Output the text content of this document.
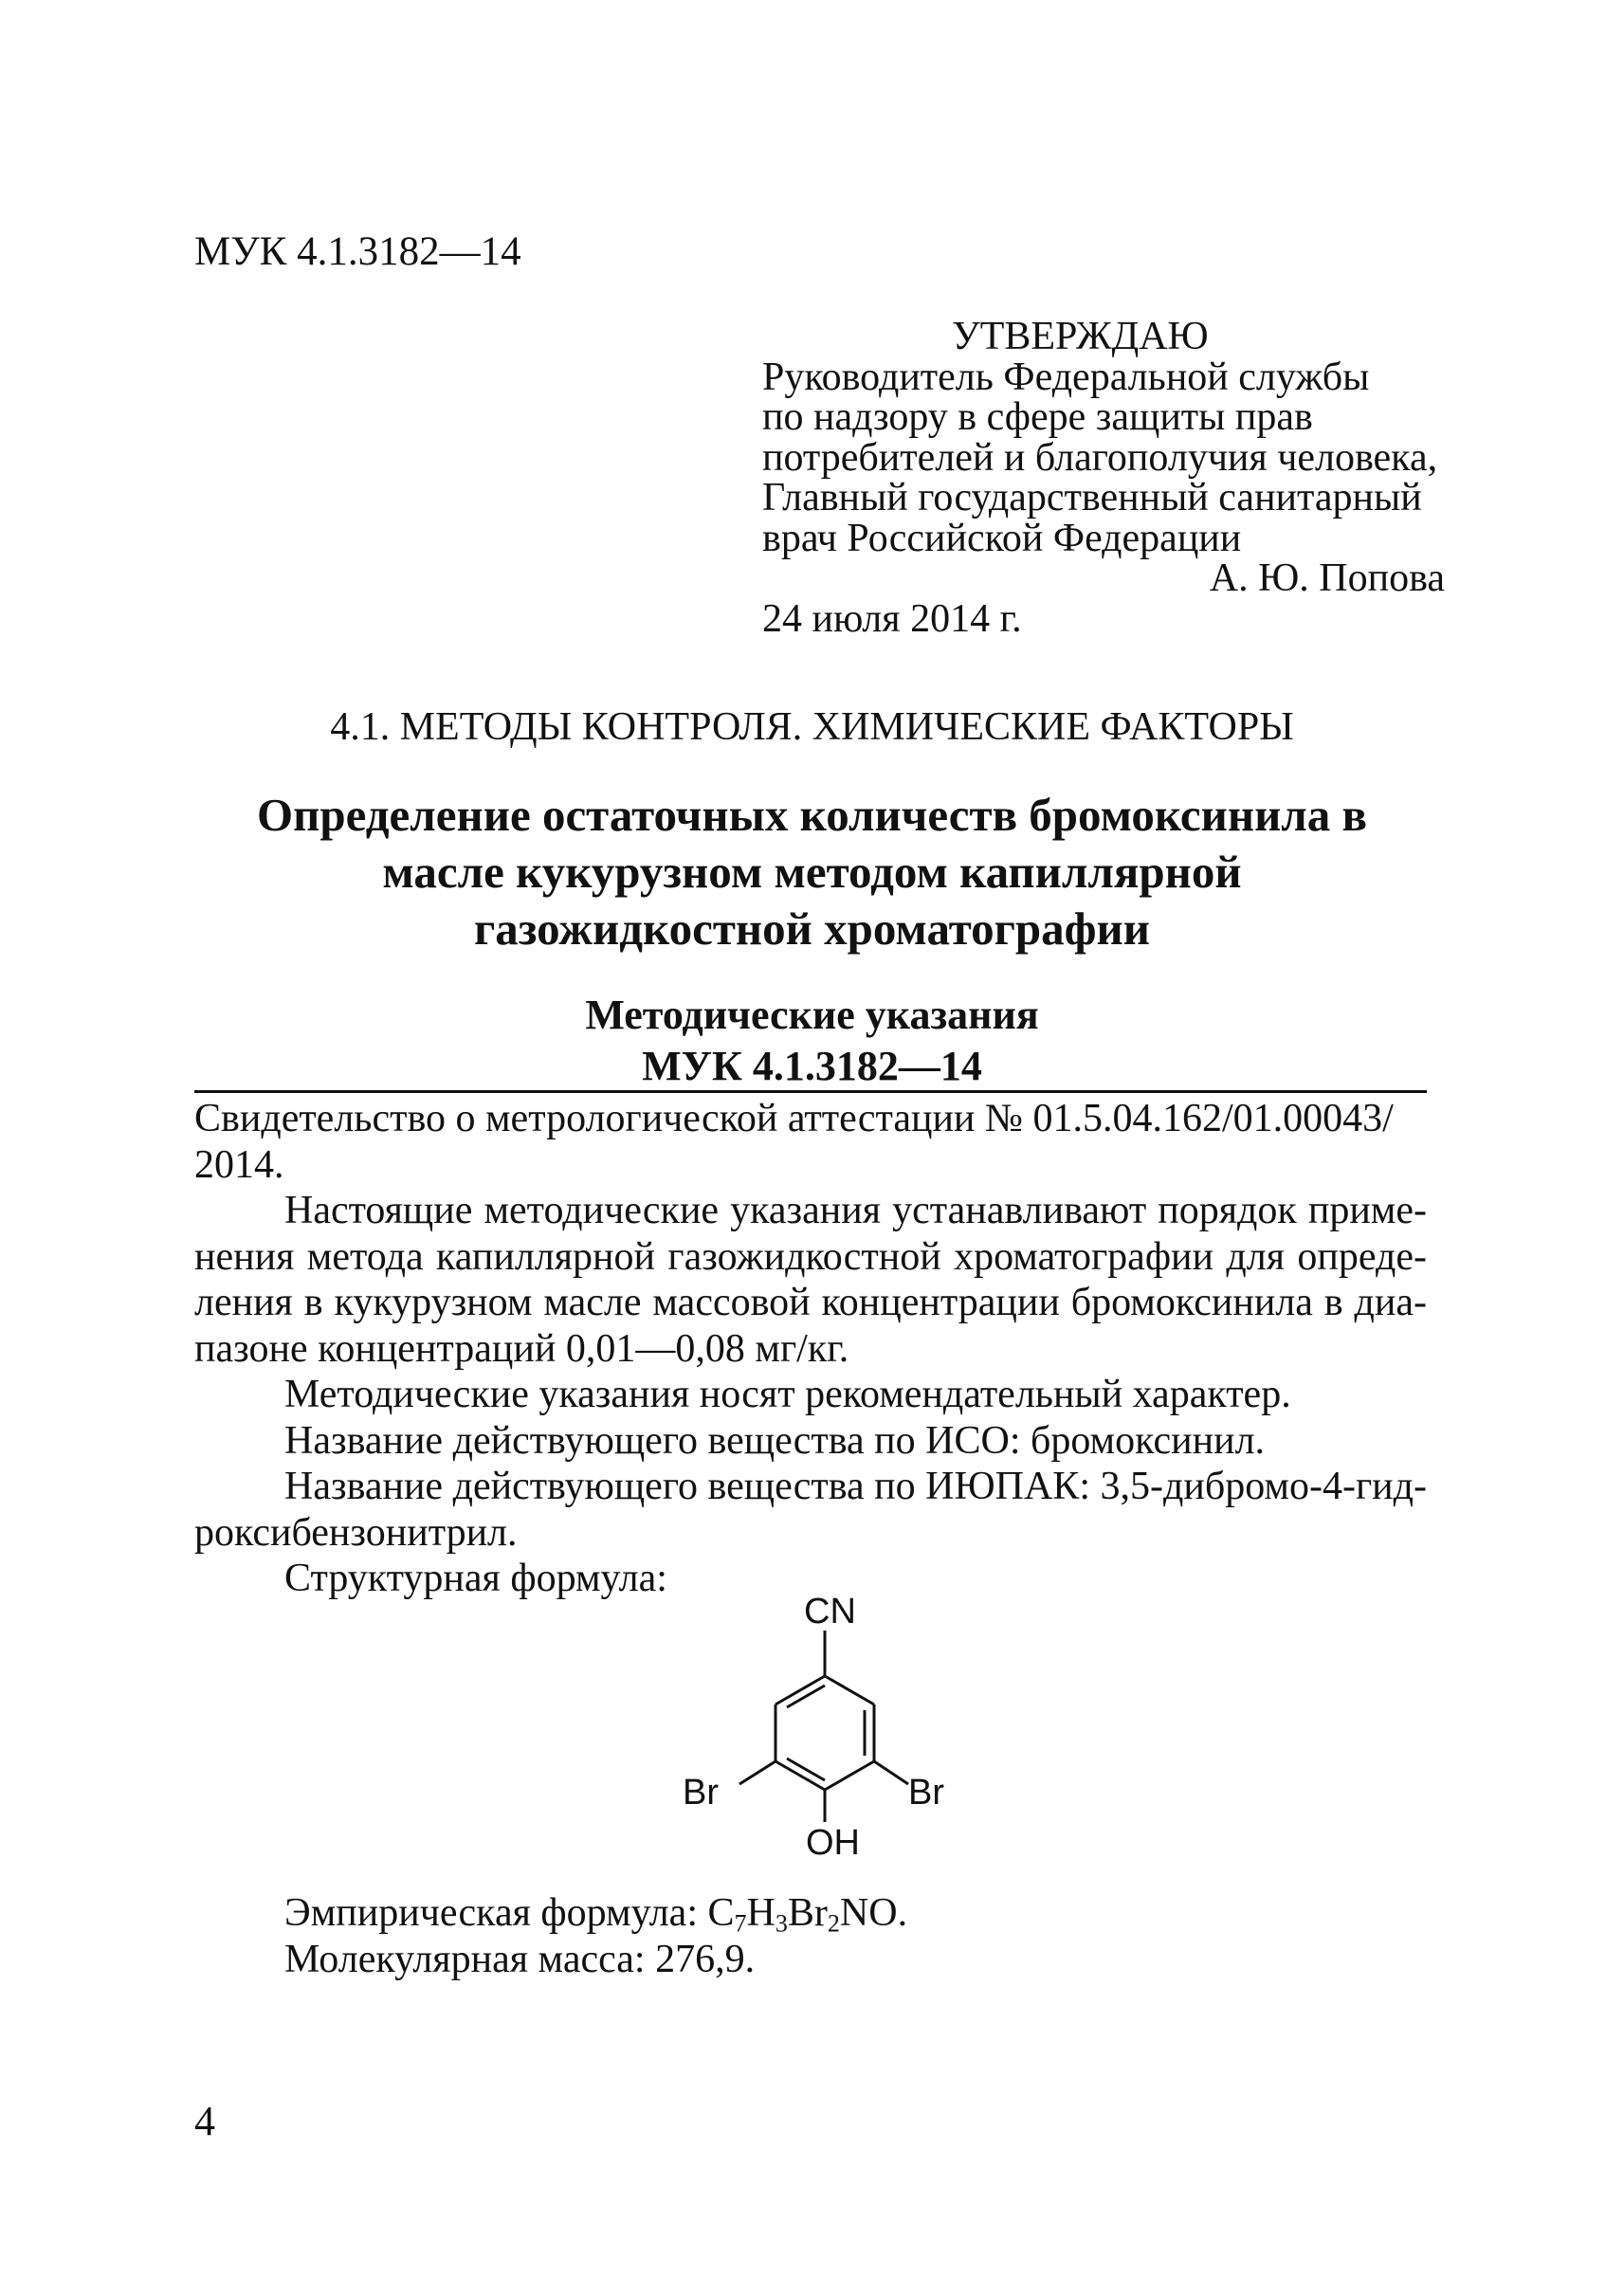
МУК 4.1.3182—14
УТВЕРЖДАЮ
Руководитель Федеральной службы
по надзору в сфере защиты прав
потребителей и благополучия человека,
Главный государственный санитарный
врач Российской Федерации
А. Ю. Попова
24 июля 2014 г.
4.1. МЕТОДЫ КОНТРОЛЯ. ХИМИЧЕСКИЕ ФАКТОРЫ
Определение остаточных количеств бромоксинила в
масле кукурузном методом капиллярной
газожидкостной хроматографии
Методические указания
МУК 4.1.3182—14
Свидетельство о метрологической аттестации № 01.5.04.162/01.00043/
2014.
Настоящие методические указания устанавливают порядок приме-
нения метода капиллярной газожидкостной хроматографии для опреде-
ления в кукурузном масле массовой концентрации бромоксинила в диа-
пазоне концентраций 0,01—0,08 мг/кг.
Методические указания носят рекомендательный характер.
Название действующего вещества по ИСО: бромоксинил.
Название действующего вещества по ИЮПАК: 3,5-дибромо-4-гид-
роксибензонитрил.
Структурная формула:
CN
Br	Br
OH
Эмпирическая формула: $C_7H_3Br_2NO$.
Молекулярная масса: 276,9.
4
